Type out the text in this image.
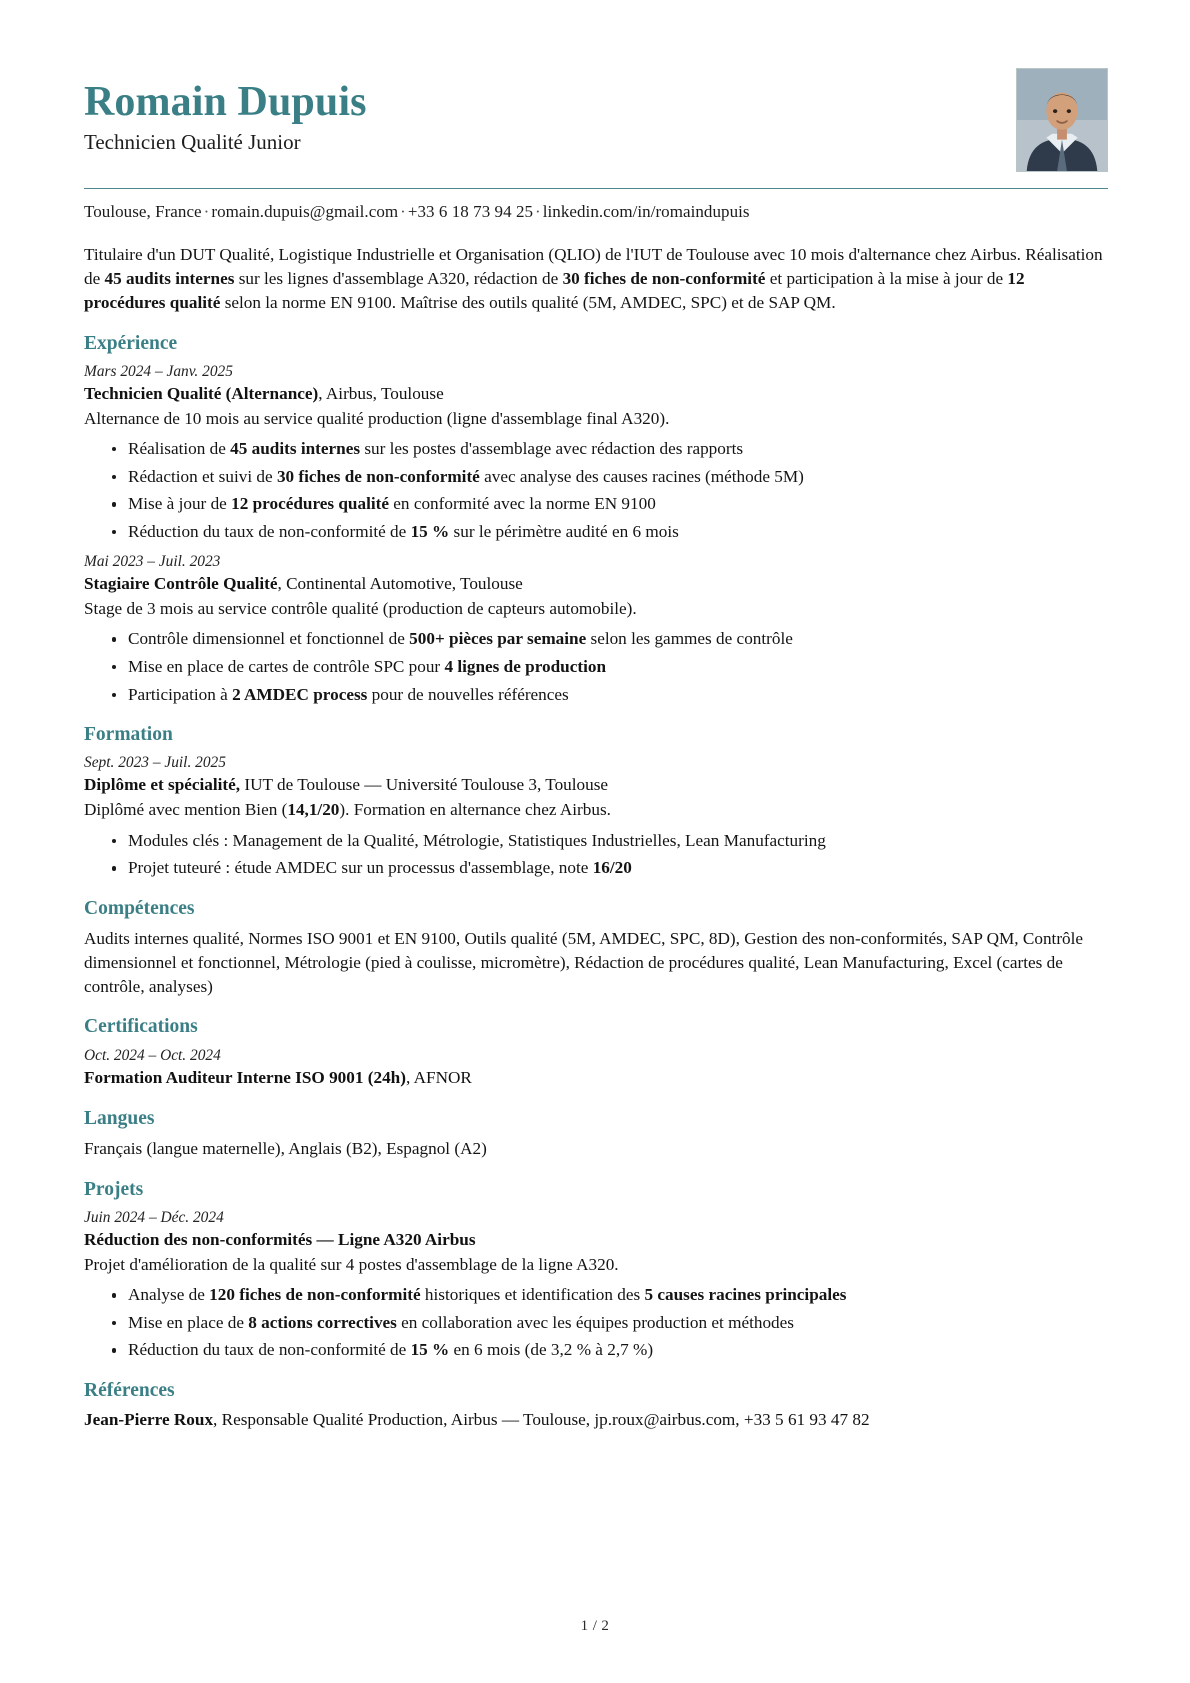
Romain Dupuis
Technicien Qualité Junior
Toulouse, France · romain.dupuis@gmail.com · +33 6 18 73 94 25 · linkedin.com/in/romaindupuis

Titulaire d'un DUT Qualité, Logistique Industrielle et Organisation (QLIO) de l'IUT de Toulouse avec 10 mois d'alternance chez Airbus. Réalisation de 45 audits internes sur les lignes d'assemblage A320, rédaction de 30 fiches de non-conformité et participation à la mise à jour de 12 procédures qualité selon la norme EN 9100. Maîtrise des outils qualité (5M, AMDEC, SPC) et de SAP QM.

Expérience
Mars 2024 – Janv. 2025
Technicien Qualité (Alternance), Airbus, Toulouse
Alternance de 10 mois au service qualité production (ligne d'assemblage final A320).
Réalisation de 45 audits internes sur les postes d'assemblage avec rédaction des rapports
Rédaction et suivi de 30 fiches de non-conformité avec analyse des causes racines (méthode 5M)
Mise à jour de 12 procédures qualité en conformité avec la norme EN 9100
Réduction du taux de non-conformité de 15 % sur le périmètre audité en 6 mois
Mai 2023 – Juil. 2023
Stagiaire Contrôle Qualité, Continental Automotive, Toulouse
Stage de 3 mois au service contrôle qualité (production de capteurs automobile).
Contrôle dimensionnel et fonctionnel de 500+ pièces par semaine selon les gammes de contrôle
Mise en place de cartes de contrôle SPC pour 4 lignes de production
Participation à 2 AMDEC process pour de nouvelles références
Formation
Sept. 2023 – Juil. 2025
Diplôme et spécialité, IUT de Toulouse — Université Toulouse 3, Toulouse
Diplômé avec mention Bien (14,1/20). Formation en alternance chez Airbus.
Modules clés : Management de la Qualité, Métrologie, Statistiques Industrielles, Lean Manufacturing
Projet tuteuré : étude AMDEC sur un processus d'assemblage, note 16/20
Compétences

Audits internes qualité, Normes ISO 9001 et EN 9100, Outils qualité (5M, AMDEC, SPC, 8D), Gestion des non-conformités, SAP QM, Contrôle dimensionnel et fonctionnel, Métrologie (pied à coulisse, micromètre), Rédaction de procédures qualité, Lean Manufacturing, Excel (cartes de contrôle, analyses)

Certifications
Oct. 2024 – Oct. 2024
Formation Auditeur Interne ISO 9001 (24h), AFNOR
Langues

Français (langue maternelle), Anglais (B2), Espagnol (A2)

Projets
Juin 2024 – Déc. 2024
Réduction des non-conformités — Ligne A320 Airbus
Projet d'amélioration de la qualité sur 4 postes d'assemblage de la ligne A320.
Analyse de 120 fiches de non-conformité historiques et identification des 5 causes racines principales
Mise en place de 8 actions correctives en collaboration avec les équipes production et méthodes
Réduction du taux de non-conformité de 15 % en 6 mois (de 3,2 % à 2,7 %)
Références
Jean-Pierre Roux, Responsable Qualité Production, Airbus — Toulouse, jp.roux@airbus.com, +33 5 61 93 47 82
1 / 2
